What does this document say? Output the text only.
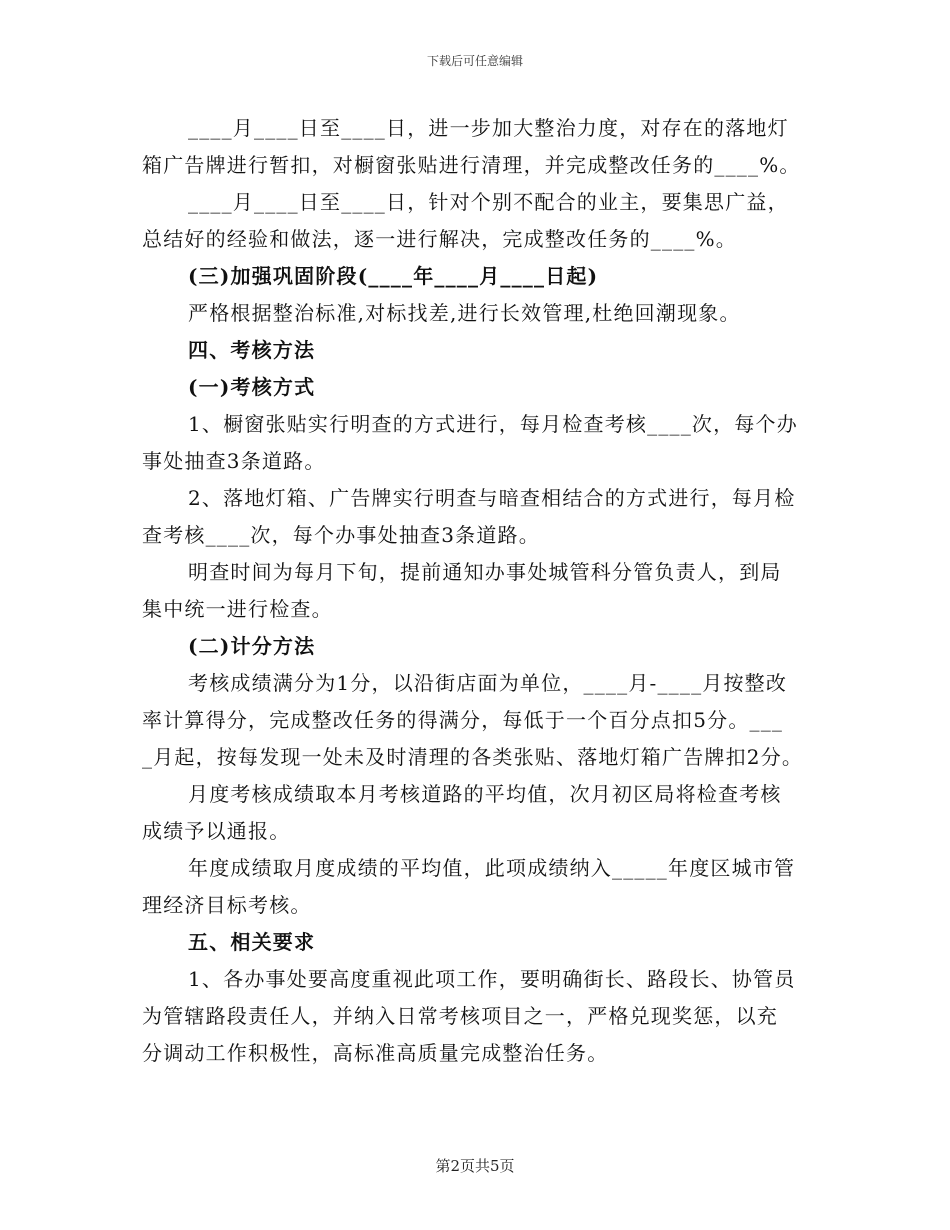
下载后可任意编辑
____月____日至____日，进一步加大整治力度，对存在的落地灯
箱广告牌进行暂扣，对橱窗张贴进行清理，并完成整改任务的____%。
____月____日至____日，针对个别不配合的业主，要集思广益，
总结好的经验和做法，逐一进行解决，完成整改任务的____%。
(三)加强巩固阶段(____年____月____日起)
严格根据整治标准,对标找差,进行长效管理,杜绝回潮现象。
四、考核方法
(一)考核方式
1、橱窗张贴实行明查的方式进行，每月检查考核____次，每个办
事处抽查3条道路。
2、落地灯箱、广告牌实行明查与暗查相结合的方式进行，每月检
查考核____次，每个办事处抽查3条道路。
明查时间为每月下旬，提前通知办事处城管科分管负责人，到局
集中统一进行检查。
(二)计分方法
考核成绩满分为1分，以沿街店面为单位，____月-____月按整改
率计算得分，完成整改任务的得满分，每低于一个百分点扣5分。___
_月起，按每发现一处未及时清理的各类张贴、落地灯箱广告牌扣2分。
月度考核成绩取本月考核道路的平均值，次月初区局将检查考核
成绩予以通报。
年度成绩取月度成绩的平均值，此项成绩纳入_____年度区城市管
理经济目标考核。
五、相关要求
1、各办事处要高度重视此项工作，要明确街长、路段长、协管员
为管辖路段责任人，并纳入日常考核项目之一，严格兑现奖惩，以充
分调动工作积极性，高标准高质量完成整治任务。
第2页共5页
